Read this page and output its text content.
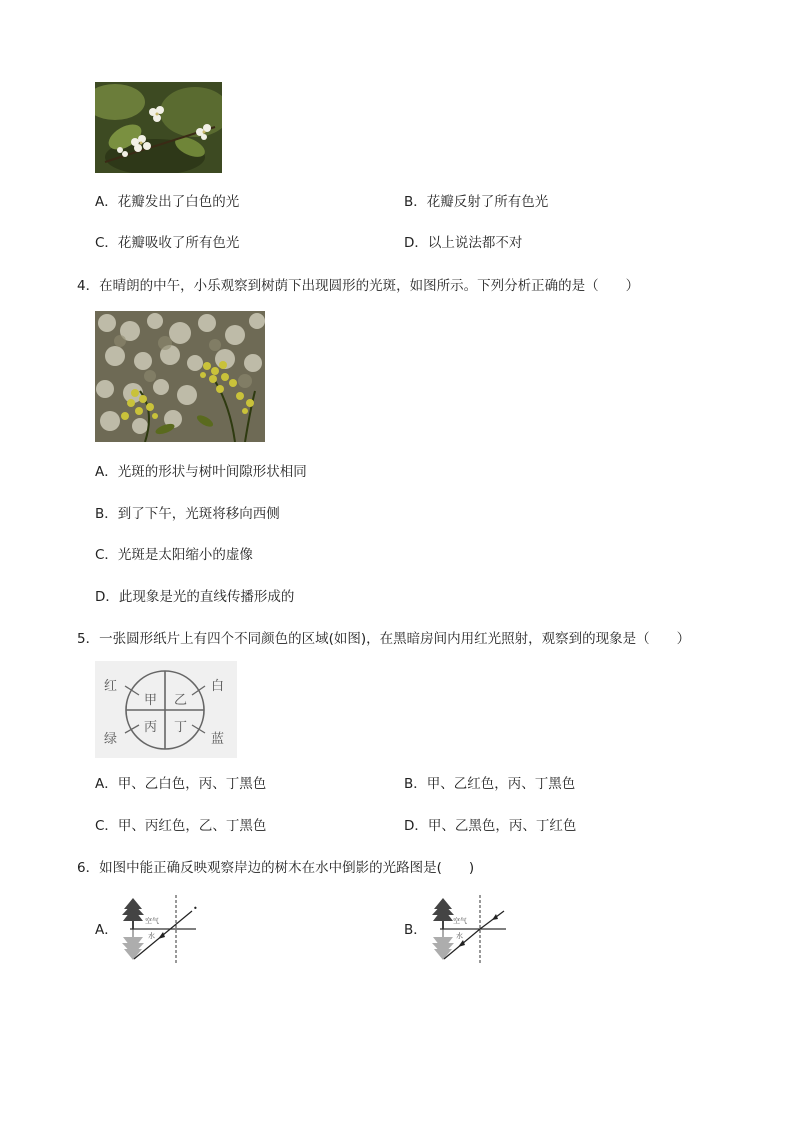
A．花瓣发出了白色的光	B．花瓣反射了所有色光
C．花瓣吸收了所有色光	D．以上说法都不对
4．在晴朗的中午，小乐观察到树荫下出现圆形的光斑，如图所示。下列分析正确的是（　　）
A．光斑的形状与树叶间隙形状相同
B．到了下午，光斑将移向西侧
C．光斑是太阳缩小的虚像
D．此现象是光的直线传播形成的
5．一张圆形纸片上有四个不同颜色的区域(如图)，在黑暗房间内用红光照射，观察到的现象是（　　）
甲 乙
丙 丁
红	白
绿	蓝
A．甲、乙白色，丙、丁黑色	B．甲、乙红色，丙、丁黑色
C．甲、丙红色，乙、丁黑色	D．甲、乙黑色，丙、丁红色
6．如图中能正确反映观察岸边的树木在水中倒影的光路图是(　　)
A．
•
空气
水	B．
空气
水
